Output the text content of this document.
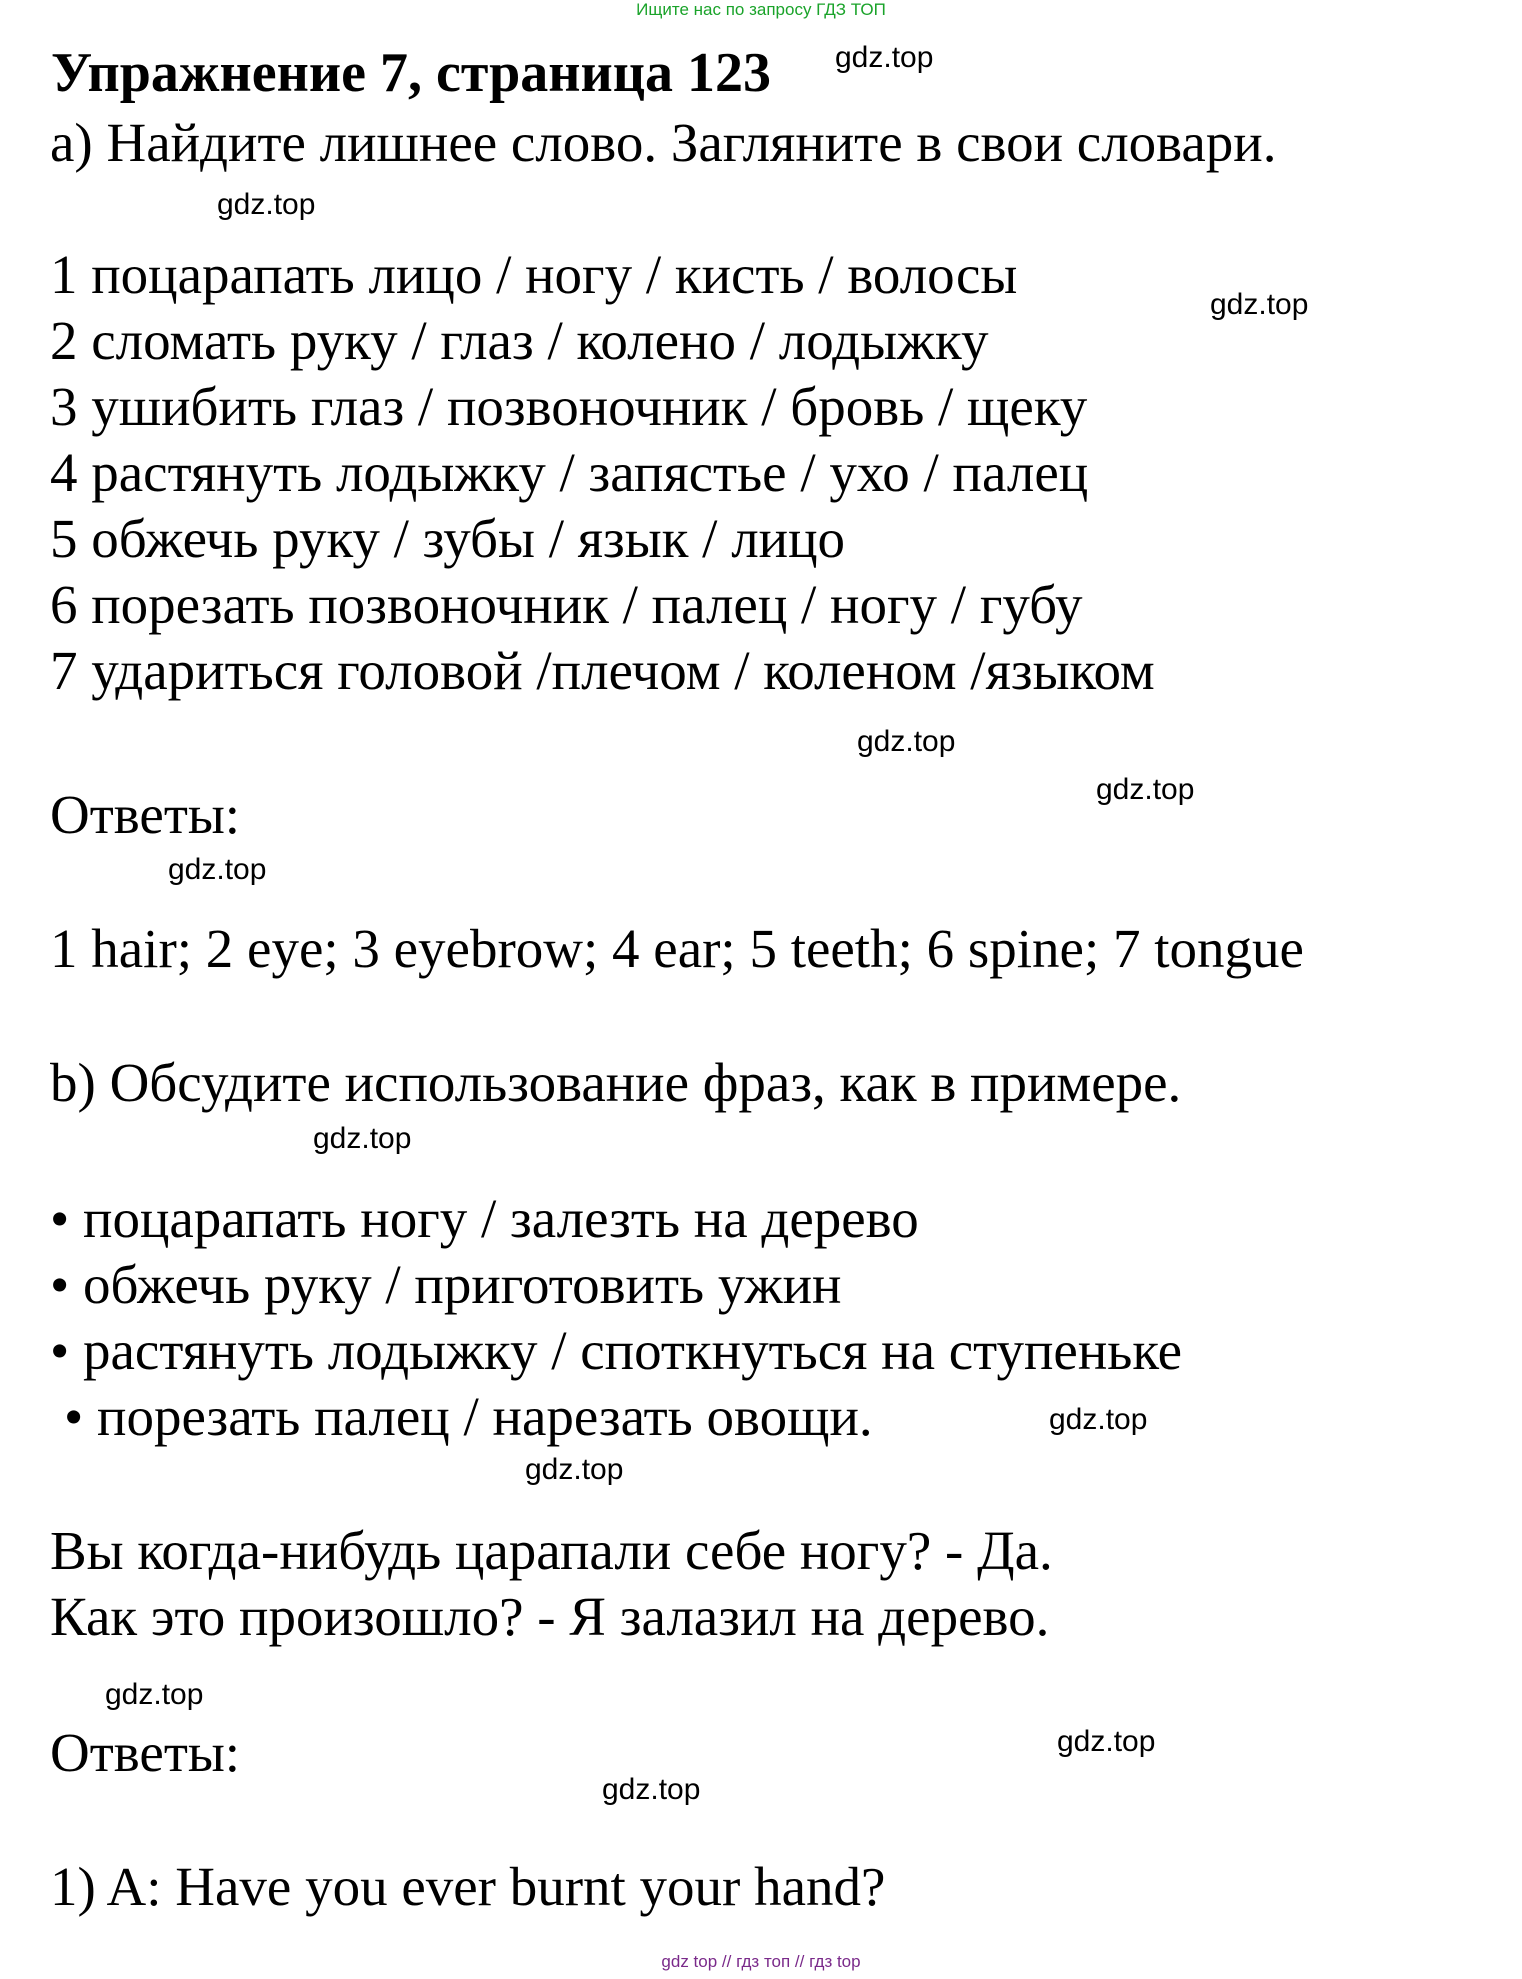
Ищите нас по запросу ГДЗ ТОП
Упражнение 7, страница 123 gdz.top
a) Найдите лишнее слово. Загляните в свои словари.
gdz.top
1 поцарапать лицо / ногу / кисть / волосы	gdz.top
2 сломать руку / глаз / колено / лодыжку
3 ушибить глаз / позвоночник / бровь / щеку
4 растянуть лодыжку / запястье / ухо / палец
5 обжечь руку / зубы / язык / лицо
6 порезать позвоночник / палец / ногу / губу
7 удариться головой /плечом / коленом /языком
gdz.top
gdz.top
Ответы:
gdz.top
1 hair; 2 eye; 3 eyebrow; 4 ear; 5 teeth; 6 spine; 7 tongue
b) Обсудите использование фраз, как в примере.
gdz.top
• поцарапать ногу / залезть на дерево
• обжечь руку / приготовить ужин
• растянуть лодыжку / споткнуться на ступеньке
• порезать палец / нарезать овощи.	gdz.top
gdz.top
Вы когда-нибудь царапали себе ногу? - Да.
Как это произошло? - Я залазил на дерево.
gdz.top
Ответы:	gdz.top
gdz.top
1) A: Have you ever burnt your hand?
gdz top // гдз топ // гдз top
